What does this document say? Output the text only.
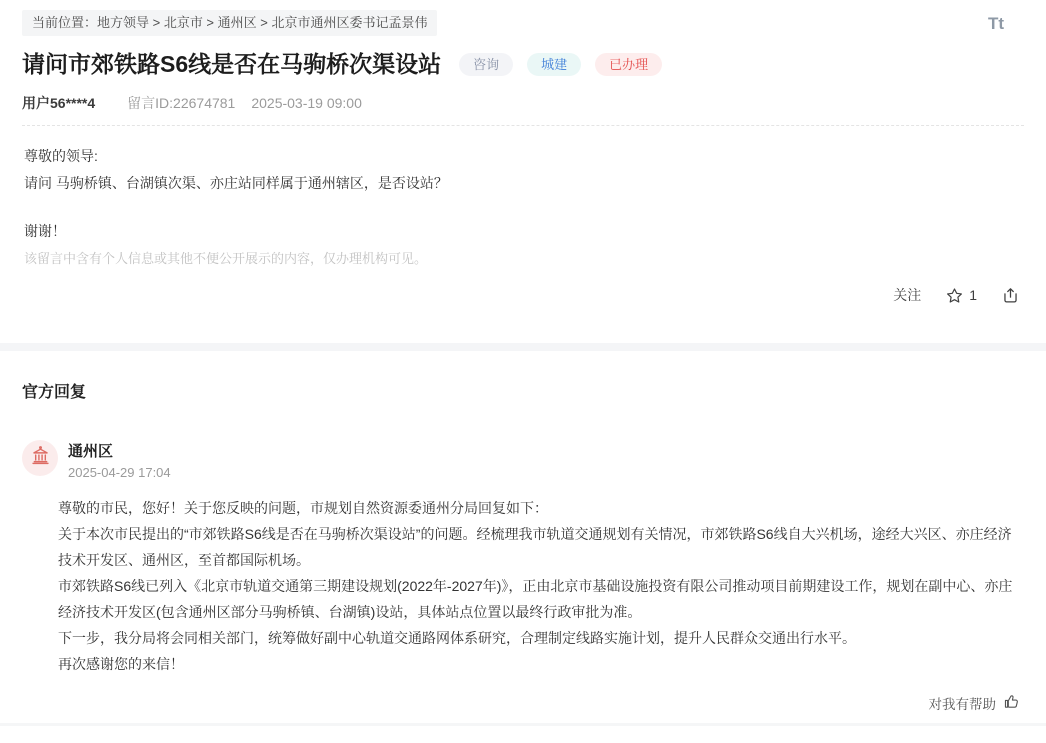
当前位置：地方领导 > 北京市 > 通州区 > 北京市通州区委书记孟景伟	Tt
请问市郊铁路S6线是否在马驹桥次渠设站	咨询	城建	已办理
用户56****4 留言ID:22674781 2025-03-19 09:00

尊敬的领导:

请问 马驹桥镇、台湖镇次渠、亦庄站同样属于通州辖区，是否设站？

谢谢！

该留言中含有个人信息或其他不便公开展示的内容，仅办理机构可见。

关注	1
官方回复
通州区
2025-04-29 17:04

尊敬的市民，您好！关于您反映的问题，市规划自然资源委通州分局回复如下：

关于本次市民提出的“市郊铁路S6线是否在马驹桥次渠设站”的问题。经梳理我市轨道交通规划有关情况，市郊铁路S6线自大兴机场，途经大兴区、亦庄经济技术开发区、通州区，至首都国际机场。

市郊铁路S6线已列入《北京市轨道交通第三期建设规划(2022年-2027年)》，正由北京市基础设施投资有限公司推动项目前期建设工作，规划在副中心、亦庄经济技术开发区(包含通州区部分马驹桥镇、台湖镇)设站，具体站点位置以最终行政审批为准。

下一步，我分局将会同相关部门，统筹做好副中心轨道交通路网体系研究，合理制定线路实施计划，提升人民群众交通出行水平。

再次感谢您的来信！

对我有帮助
